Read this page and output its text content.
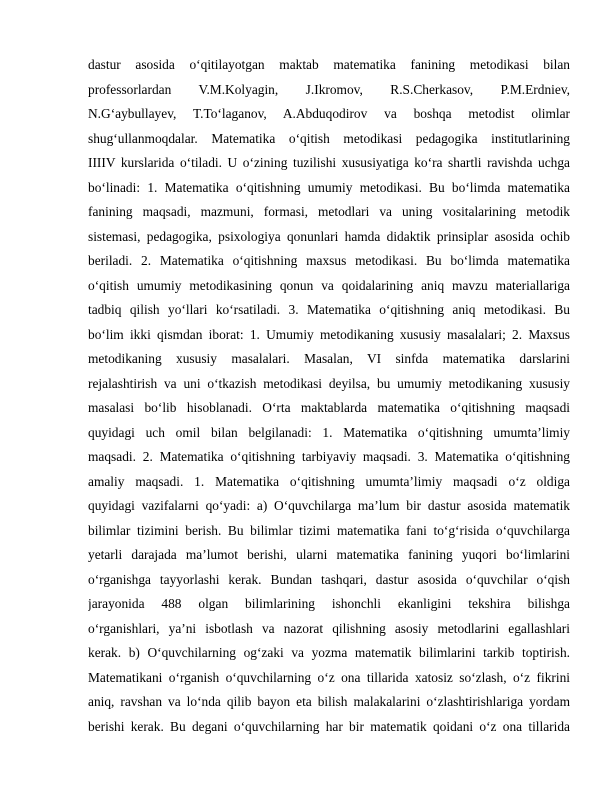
dastur asosida o‘qitilayotgan maktab matematika fanining metodikasi bilan
professorlardan V.M.Kolyagin, J.Ikromov, R.S.Cherkasov, P.M.Erdniev,
N.G‘aybullayev, T.To‘laganov, A.Abduqodirov va boshqa metodist olimlar
shug‘ullanmoqdalar. Matematika o‘qitish metodikasi pedagogika institutlarining
IIIIV kurslarida o‘tiladi. U o‘zining tuzilishi xususiyatiga ko‘ra shartli ravishda uchga
bo‘linadi: 1. Matematika o‘qitishning umumiy metodikasi. Bu bo‘limda matematika
fanining maqsadi, mazmuni, formasi, metodlari va uning vositalarining metodik
sistemasi, pedagogika, psixologiya qonunlari hamda didaktik prinsiplar asosida ochib
beriladi. 2. Matematika o‘qitishning maxsus metodikasi. Bu bo‘limda matematika
o‘qitish umumiy metodikasining qonun va qoidalarining aniq mavzu materiallariga
tadbiq qilish yo‘llari ko‘rsatiladi. 3. Matematika o‘qitishning aniq metodikasi. Bu
bo‘lim ikki qismdan iborat: 1. Umumiy metodikaning xususiy masalalari; 2. Maxsus
metodikaning xususiy masalalari. Masalan, VI sinfda matematika darslarini
rejalashtirish va uni o‘tkazish metodikasi deyilsa, bu umumiy metodikaning xususiy
masalasi bo‘lib hisoblanadi. O‘rta maktablarda matematika o‘qitishning maqsadi
quyidagi uch omil bilan belgilanadi: 1. Matematika o‘qitishning umumta’limiy
maqsadi. 2. Matematika o‘qitishning tarbiyaviy maqsadi. 3. Matematika o‘qitishning
amaliy maqsadi. 1. Matematika o‘qitishning umumta’limiy maqsadi o‘z oldiga
quyidagi vazifalarni qo‘yadi: a) O‘quvchilarga ma’lum bir dastur asosida matematik
bilimlar tizimini berish. Bu bilimlar tizimi matematika fani to‘g‘risida o‘quvchilarga
yetarli darajada ma’lumot berishi, ularni matematika fanining yuqori bo‘limlarini
o‘rganishga tayyorlashi kerak. Bundan tashqari, dastur asosida o‘quvchilar o‘qish
jarayonida 488 olgan bilimlarining ishonchli ekanligini tekshira bilishga
o‘rganishlari, ya’ni isbotlash va nazorat qilishning asosiy metodlarini egallashlari
kerak. b) O‘quvchilarning og‘zaki va yozma matematik bilimlarini tarkib toptirish.
Matematikani o‘rganish o‘quvchilarning o‘z ona tillarida xatosiz so‘zlash, o‘z fikrini
aniq, ravshan va lo‘nda qilib bayon eta bilish malakalarini o‘zlashtirishlariga yordam
berishi kerak. Bu degani o‘quvchilarning har bir matematik qoidani o‘z ona tillarida
